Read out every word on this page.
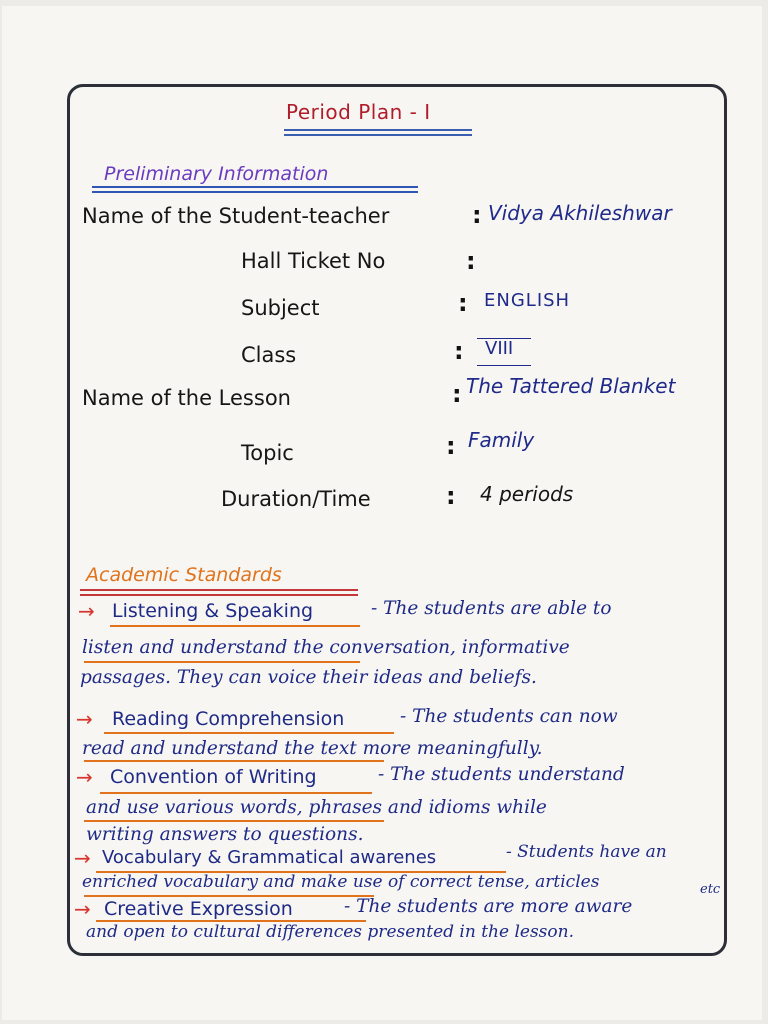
Period Plan - I
Preliminary Information
Name of the Student-teacher	: Vidya Akhileshwar
Hall Ticket No	:
Subject	: ENGLISH
Class	: VIII
Name of the Lesson	: The Tattered Blanket
Topic	: Family
Duration/Time	: 4 periods
Academic Standards
→ Listening & Speaking	- The students are able to
listen and understand the conversation, informative
passages. They can voice their ideas and beliefs.
→ Reading Comprehension	- The students can now
read and understand the text more meaningfully.
→ Convention of Writing	- The students understand
and use various words, phrases and idioms while
writing answers to questions.
→ Vocabulary & Grammatical awarenes	- Students have an
enriched vocabulary and make use of correct tense, articles	etc
→ Creative Expression	- The students are more aware
and open to cultural differences presented in the lesson.
